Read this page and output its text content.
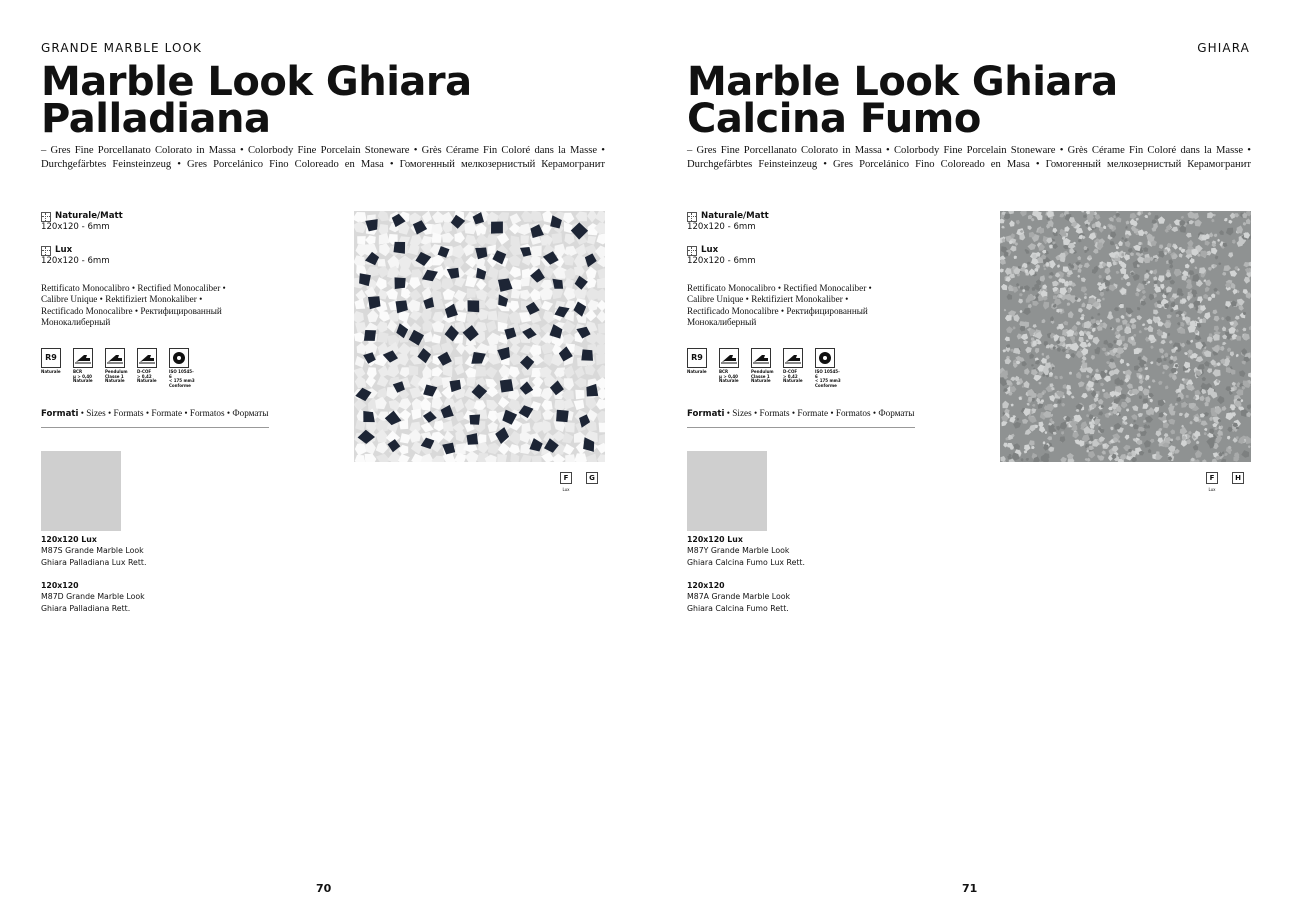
GRANDE MARBLE LOOK
Marble Look Ghiara
Palladiana
– Gres Fine Porcellanato Colorato in Massa • Colorbody Fine Porcelain Stoneware • Grès Cérame Fin Coloré dans la Masse • Durchgefärbtes Feinsteinzeug • Gres Porcelánico Fino Coloreado en Masa • Гомогенный мелкозернистый Керамогранит
Naturale/Matt
120x120 - 6mm
Lux
120x120 - 6mm
Rettificato Monocalibro • Rectified Monocaliber • Calibre Unique • Rektifiziert Monokaliber • Rectificado Monocalibre • Ректифицированный Монокалиберный
R9
Naturale	BCR
µ > 0,40
Naturale
Pendulum
Classe 1
Naturale
D-COF
> 0,42
Naturale
ISO 10545-6
< 175 mm3
Conforme
Formati • Sizes • Formats • Formate • Formatos • Форматы
120x120 Lux
M87S Grande Marble Look
Ghiara Palladiana Lux Rett.
120x120
M87D Grande Marble Look
Ghiara Palladiana Rett.
F
Lux
G
70
GHIARA
Marble Look Ghiara
Calcina Fumo
– Gres Fine Porcellanato Colorato in Massa • Colorbody Fine Porcelain Stoneware • Grès Cérame Fin Coloré dans la Masse • Durchgefärbtes Feinsteinzeug • Gres Porcelánico Fino Coloreado en Masa • Гомогенный мелкозернистый Керамогранит
Naturale/Matt
120x120 - 6mm
Lux
120x120 - 6mm
Rettificato Monocalibro • Rectified Monocaliber • Calibre Unique • Rektifiziert Monokaliber • Rectificado Monocalibre • Ректифицированный Монокалиберный
R9
Naturale	BCR
µ > 0,40
Naturale
Pendulum
Classe 1
Naturale
D-COF
> 0,42
Naturale
ISO 10545-6
< 175 mm3
Conforme
Formati • Sizes • Formats • Formate • Formatos • Форматы
120x120 Lux
M87Y Grande Marble Look
Ghiara Calcina Fumo Lux Rett.
120x120
M87A Grande Marble Look
Ghiara Calcina Fumo Rett.
F
Lux
H
71
